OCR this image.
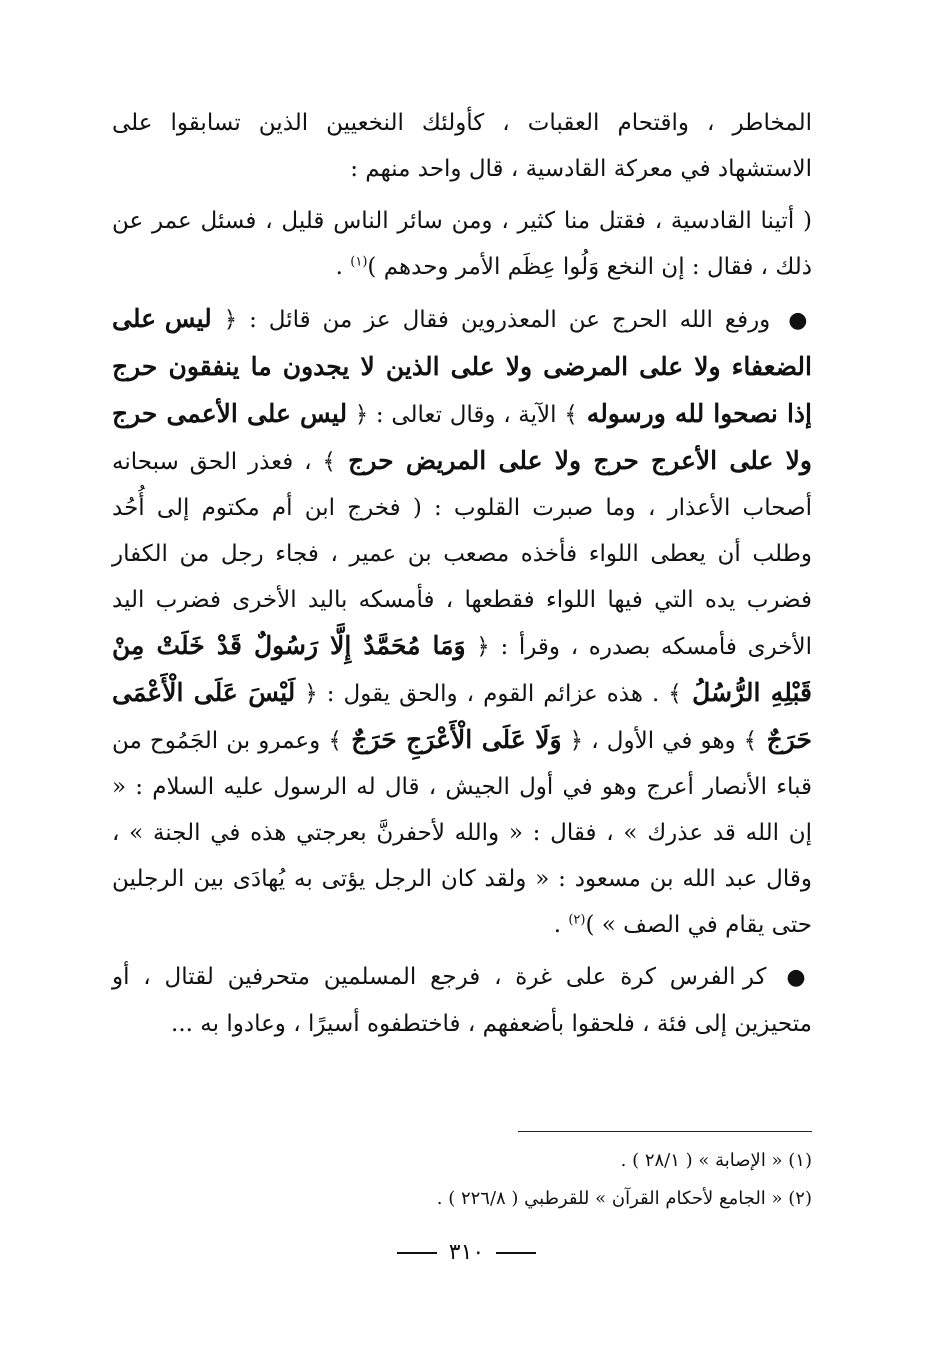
المخاطر ، واقتحام العقبات ، كأولئك النخعيين الذين تسابقوا على الاستشهاد في معركة القادسية ، قال واحد منهم :

( أتينا القادسية ، فقتل منا كثير ، ومن سائر الناس قليل ، فسئل عمر عن ذلك ، فقال : إن النخع وَلُوا عِظَم الأمر وحدهم )$^{(١)}$ .

● ورفع الله الحرج عن المعذروين فقال عز من قائل : ﴿ ليس على الضعفاء ولا على المرضى ولا على الذين لا يجدون ما ينفقون حرج إذا نصحوا لله ورسوله ﴾ الآية ، وقال تعالى : ﴿ ليس على الأعمى حرج ولا على الأعرج حرج ولا على المريض حرج ﴾ ، فعذر الحق سبحانه أصحاب الأعذار ، وما صبرت القلوب : ( فخرج ابن أم مكتوم إلى أُحُد وطلب أن يعطى اللواء فأخذه مصعب بن عمير ، فجاء رجل من الكفار فضرب يده التي فيها اللواء فقطعها ، فأمسكه باليد الأخرى فضرب اليد الأخرى فأمسكه بصدره ، وقرأ : ﴿ وَمَا مُحَمَّدٌ إِلَّا رَسُولٌ قَدْ خَلَتْ مِنْ قَبْلِهِ الرُّسُلُ ﴾ . هذه عزائم القوم ، والحق يقول : ﴿ لَيْسَ عَلَى الْأَعْمَى حَرَجٌ ﴾ وهو في الأول ، ﴿ وَلَا عَلَى الْأَعْرَجِ حَرَجٌ ﴾ وعمرو بن الجَمُوح من قباء الأنصار أعرج وهو في أول الجيش ، قال له الرسول عليه السلام : « إن الله قد عذرك » ، فقال : « والله لأحفرنَّ بعرجتي هذه في الجنة » ، وقال عبد الله بن مسعود : « ولقد كان الرجل يؤتى به يُهادَى بين الرجلين حتى يقام في الصف » )$^{(٢)}$ .

● كر الفرس كرة على غرة ، فرجع المسلمين متحرفين لقتال ، أو متحيزين إلى فئة ، فلحقوا بأضعفهم ، فاختطفوه أسيرًا ، وعادوا به ...

(١) « الإصابة » ( ٢٨/١ ) .
(٢) « الجامع لأحكام القرآن » للقرطبي ( ٢٢٦/٨ ) .
٣١٠
